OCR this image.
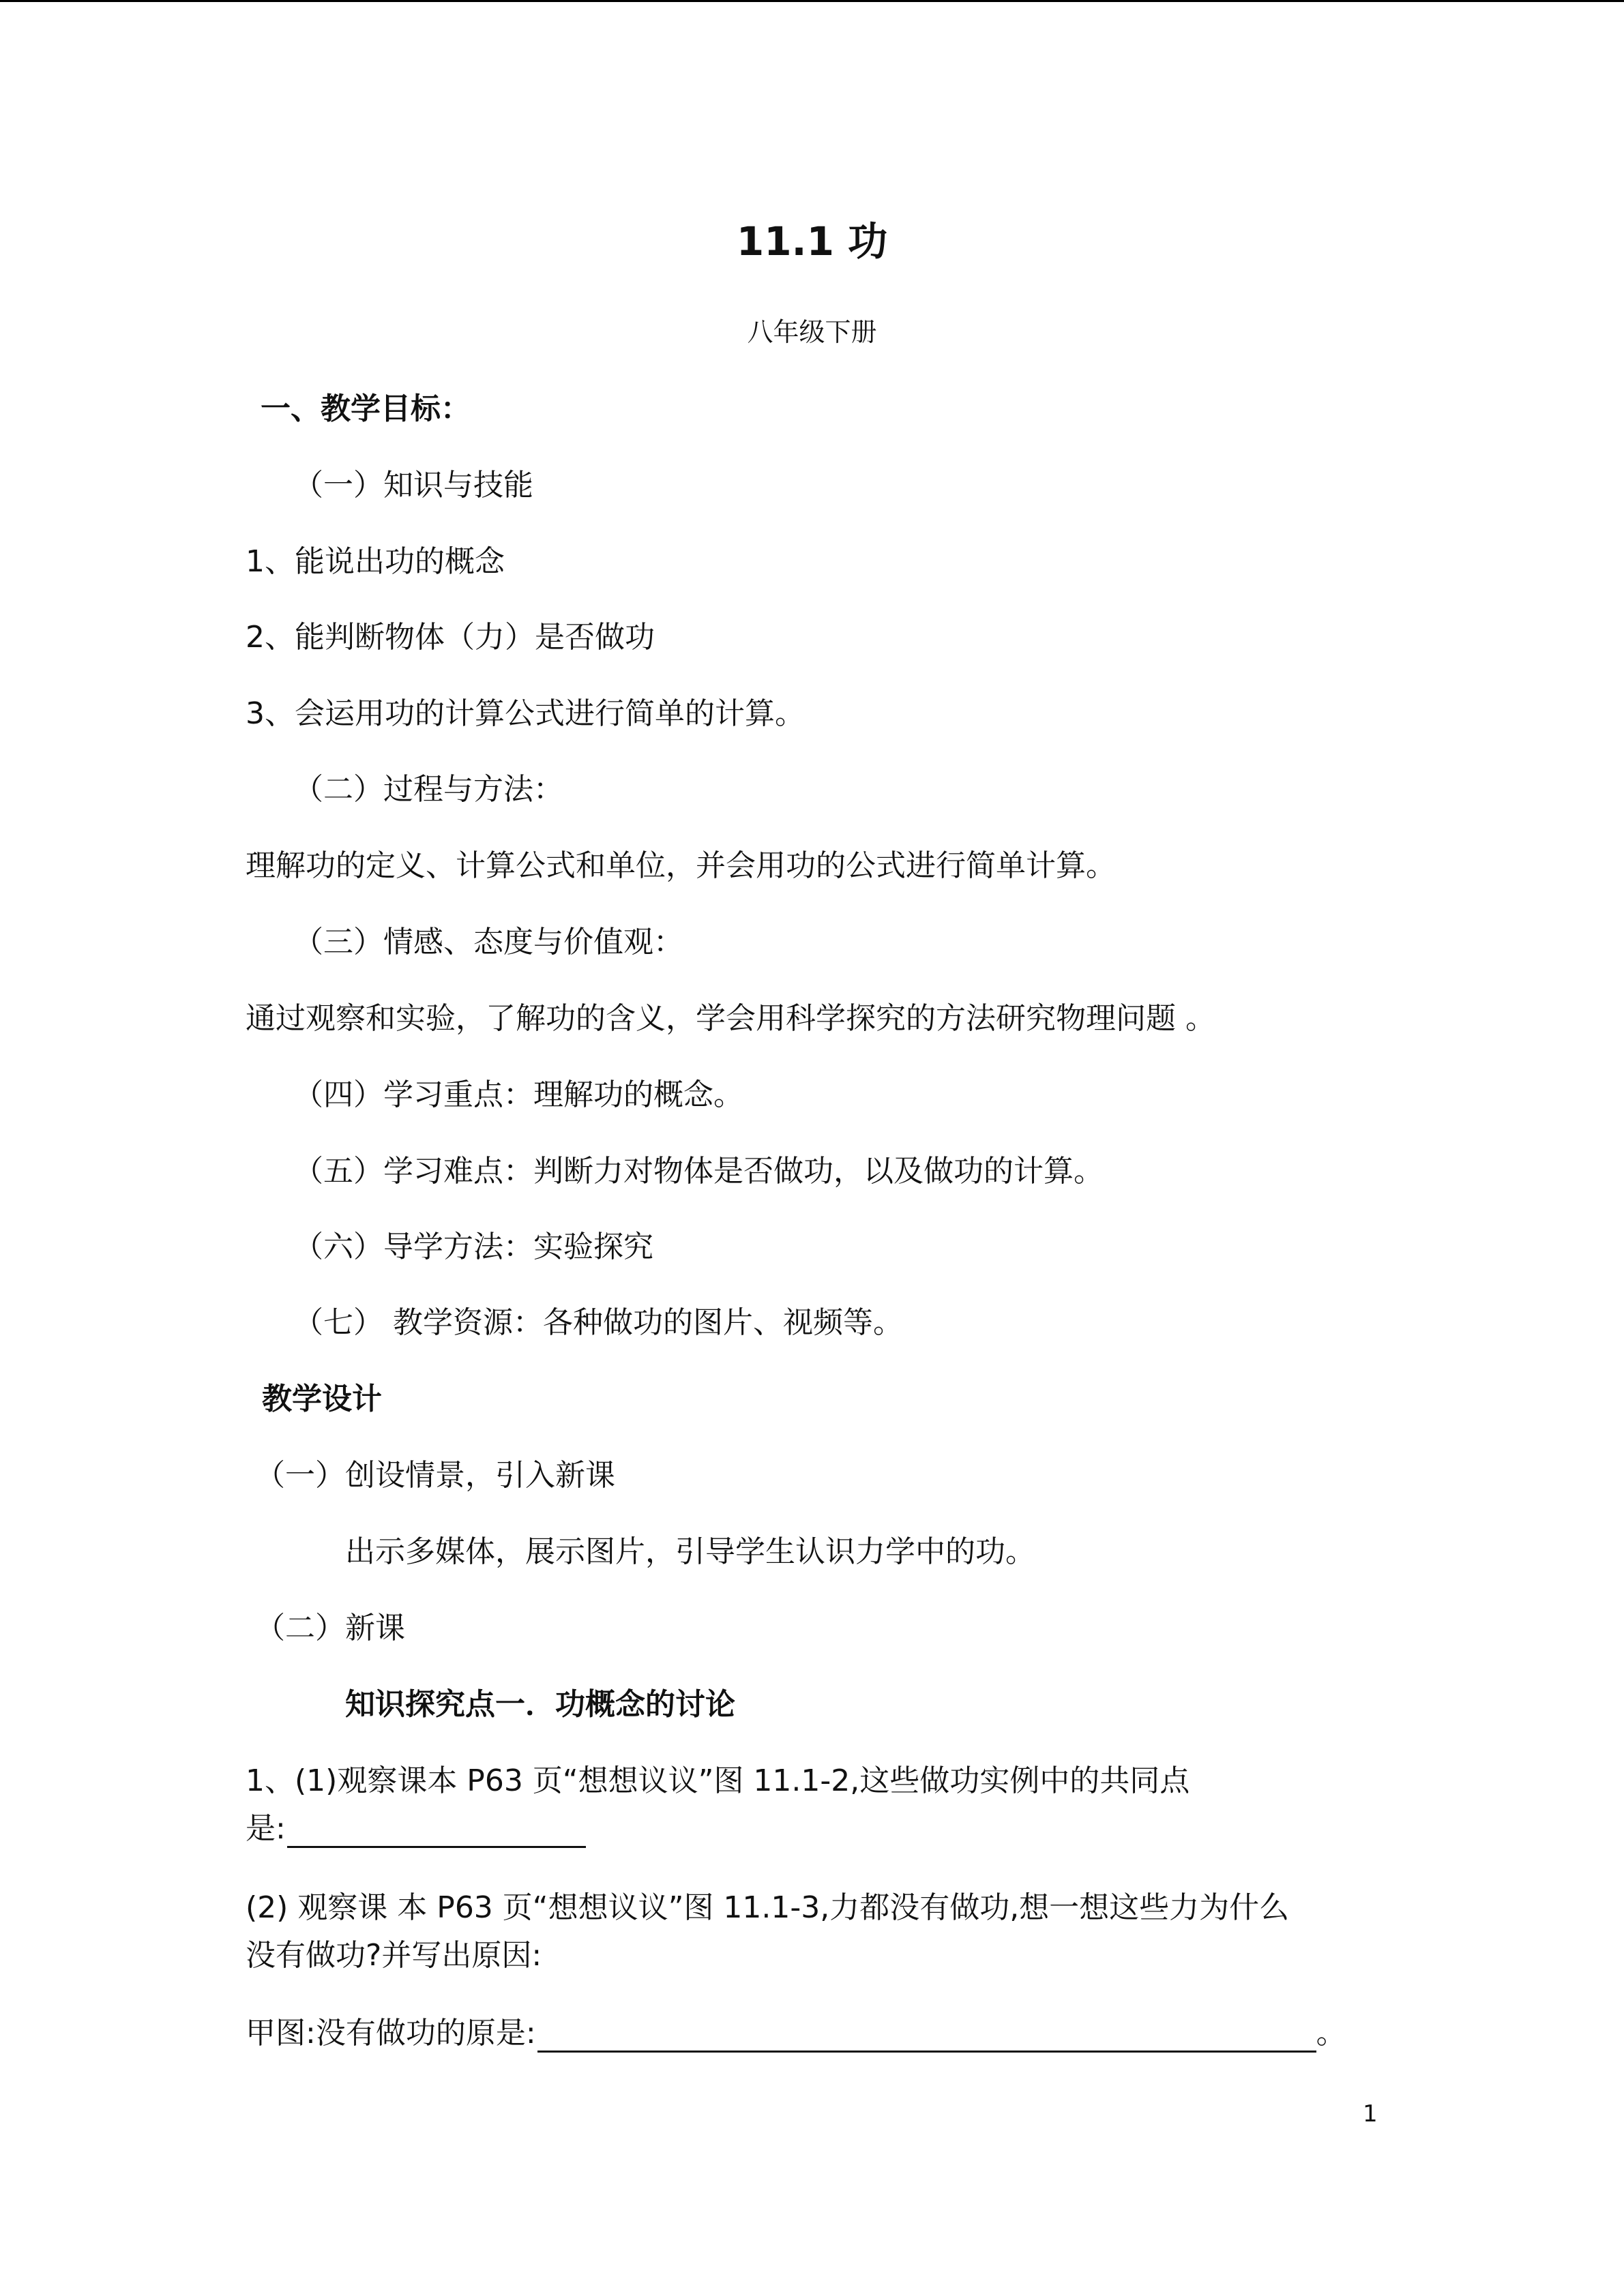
11.1 功
八年级下册
一、教学目标：
（一）知识与技能
1、能说出功的概念
2、能判断物体（力）是否做功
3、会运用功的计算公式进行简单的计算。
（二）过程与方法：
理解功的定义、计算公式和单位，并会用功的公式进行简单计算。
（三）情感、态度与价值观：
通过观察和实验，了解功的含义，学会用科学探究的方法研究物理问题 。
（四）学习重点：理解功的概念。
（五）学习难点：判断力对物体是否做功，以及做功的计算。
（六）导学方法：实验探究
（七） 教学资源：各种做功的图片、视频等。
教学设计
（一）创设情景，引入新课
出示多媒体，展示图片，引导学生认识力学中的功。
（二）新课
知识探究点一．功概念的讨论
1、(1)观察课本 P63 页“想想议议”图 11.1-2,这些做功实例中的共同点
是:
(2) 观察课 本 P63 页“想想议议”图 11.1-3,力都没有做功,想一想这些力为什么
没有做功?并写出原因:
甲图:没有做功的原是:	。
1
